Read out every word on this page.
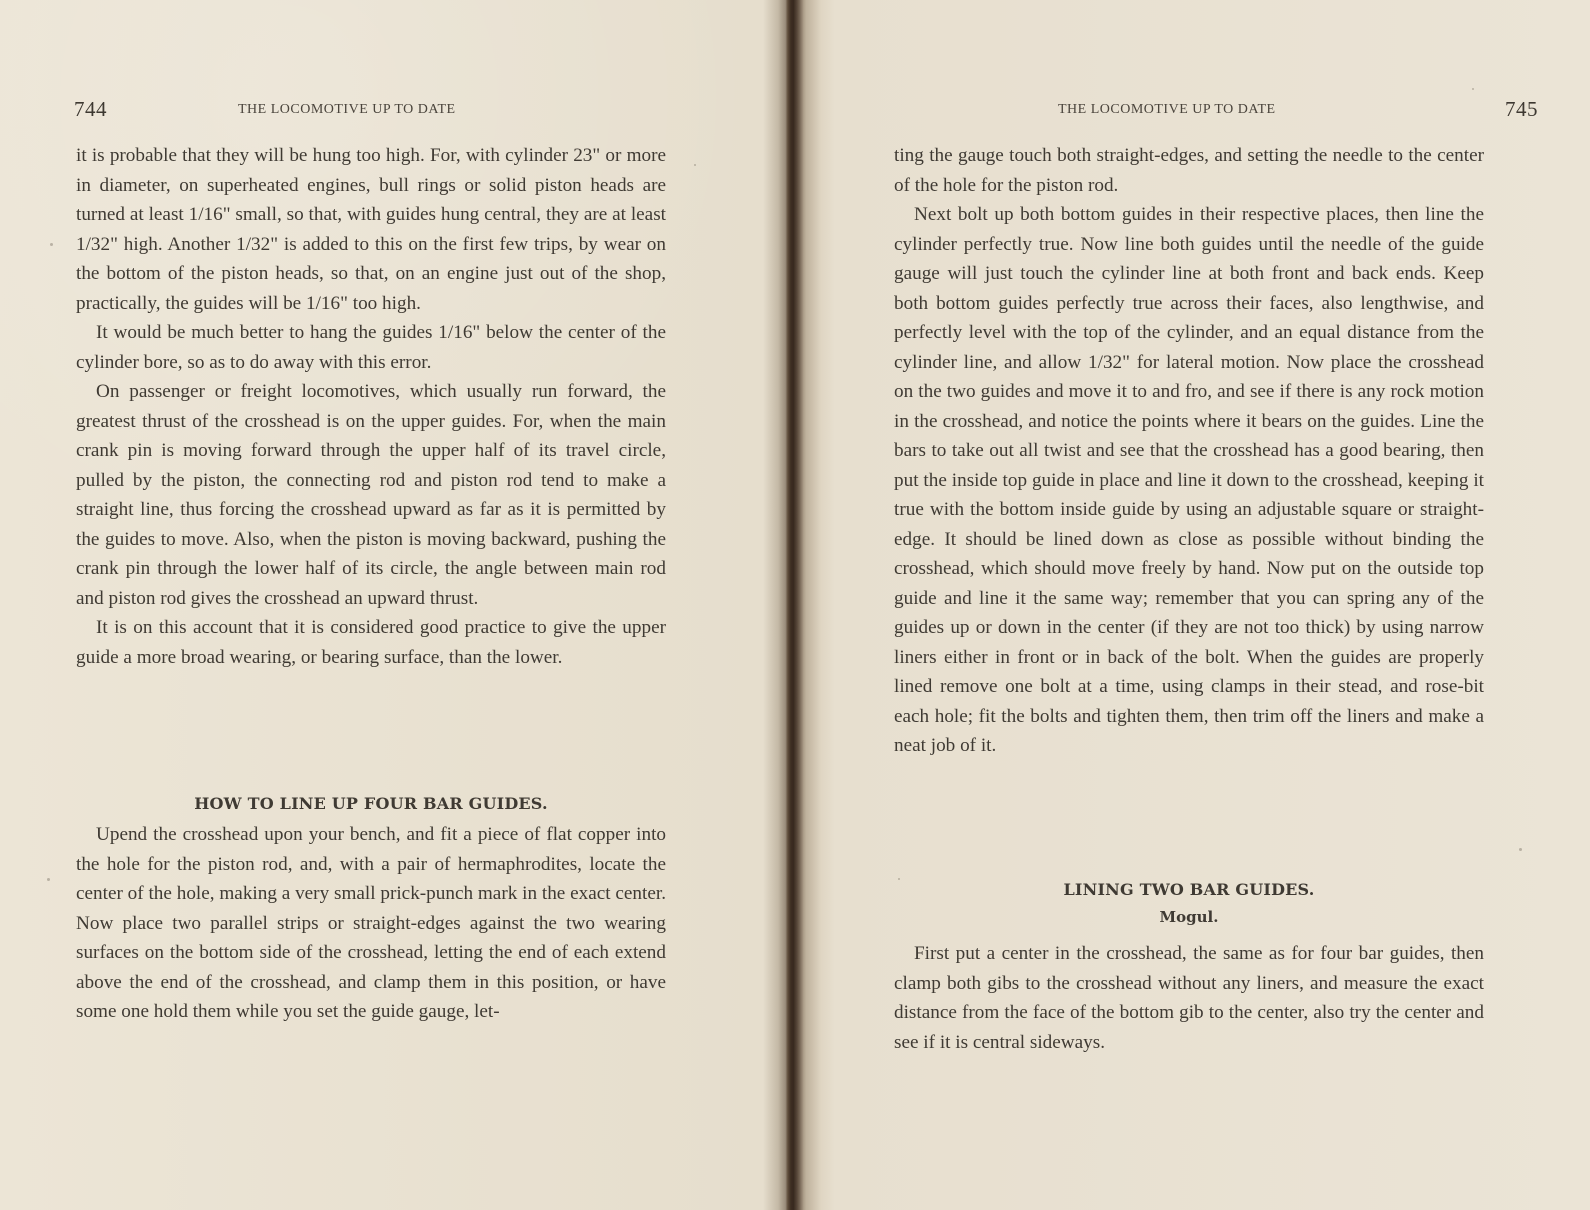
744	THE LOCOMOTIVE UP TO DATE

it is probable that they will be hung too high. For, with cylinder 23" or more in diameter, on superheated engines, bull rings or solid piston heads are turned at least 1/16" small, so that, with guides hung central, they are at least 1/32" high. Another 1/32" is added to this on the first few trips, by wear on the bottom of the piston heads, so that, on an engine just out of the shop, practically, the guides will be 1/16" too high.

It would be much better to hang the guides 1/16" below the center of the cylinder bore, so as to do away with this error.

On passenger or freight locomotives, which usually run forward, the greatest thrust of the crosshead is on the upper guides. For, when the main crank pin is moving forward through the upper half of its travel circle, pulled by the piston, the connecting rod and piston rod tend to make a straight line, thus forcing the crosshead upward as far as it is permitted by the guides to move. Also, when the piston is moving backward, pushing the crank pin through the lower half of its circle, the angle between main rod and piston rod gives the crosshead an upward thrust.

It is on this account that it is considered good practice to give the upper guide a more broad wearing, or bearing surface, than the lower.

HOW TO LINE UP FOUR BAR GUIDES.

Upend the crosshead upon your bench, and fit a piece of flat copper into the hole for the piston rod, and, with a pair of hermaphrodites, locate the center of the hole, making a very small prick-punch mark in the exact center. Now place two parallel strips or straight-edges against the two wearing surfaces on the bottom side of the crosshead, letting the end of each extend above the end of the crosshead, and clamp them in this position, or have some one hold them while you set the guide gauge, let-

THE LOCOMOTIVE UP TO DATE	745

ting the gauge touch both straight-edges, and setting the needle to the center of the hole for the piston rod.

Next bolt up both bottom guides in their respective places, then line the cylinder perfectly true. Now line both guides until the needle of the guide gauge will just touch the cylinder line at both front and back ends. Keep both bottom guides perfectly true across their faces, also lengthwise, and perfectly level with the top of the cylinder, and an equal distance from the cylinder line, and allow 1/32" for lateral motion. Now place the crosshead on the two guides and move it to and fro, and see if there is any rock motion in the crosshead, and notice the points where it bears on the guides. Line the bars to take out all twist and see that the crosshead has a good bearing, then put the inside top guide in place and line it down to the crosshead, keeping it true with the bottom inside guide by using an adjustable square or straight-edge. It should be lined down as close as possible without binding the crosshead, which should move freely by hand. Now put on the outside top guide and line it the same way; remember that you can spring any of the guides up or down in the center (if they are not too thick) by using narrow liners either in front or in back of the bolt. When the guides are properly lined remove one bolt at a time, using clamps in their stead, and rose-bit each hole; fit the bolts and tighten them, then trim off the liners and make a neat job of it.

LINING TWO BAR GUIDES.
Mogul.

First put a center in the crosshead, the same as for four bar guides, then clamp both gibs to the crosshead without any liners, and measure the exact distance from the face of the bottom gib to the center, also try the center and see if it is central sideways.
